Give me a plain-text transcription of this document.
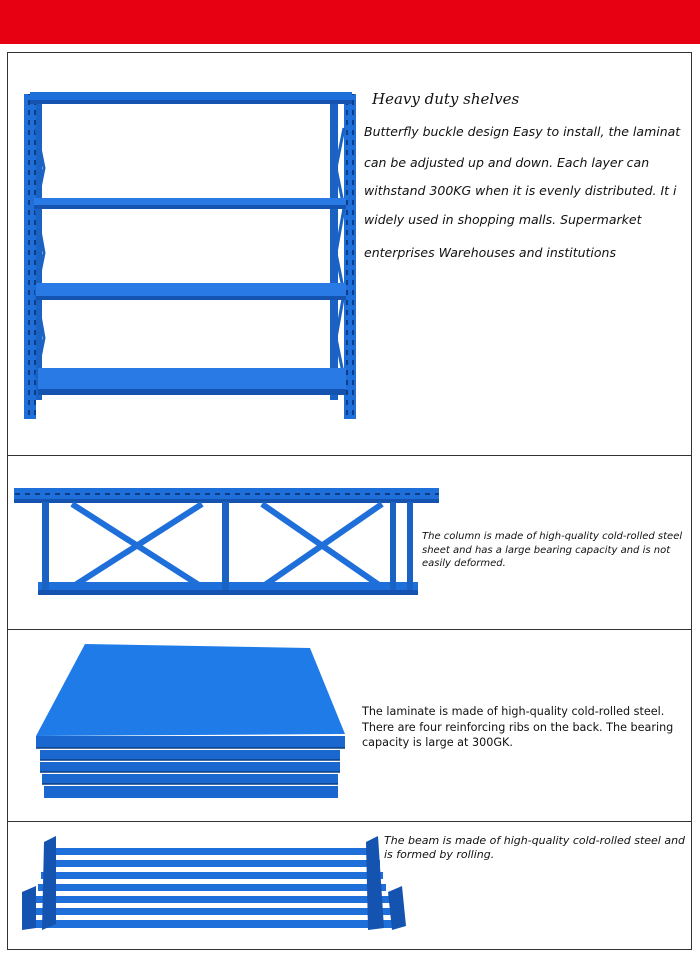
Heavy duty shelves
Butterfly buckle design Easy to install, the laminat
can be adjusted up and down. Each layer can
withstand 300KG when it is evenly distributed. It i
widely used in shopping malls. Supermarket
enterprises Warehouses and institutions
The column is made of high-quality cold-rolled steel sheet and has a large bearing capacity and is not easily deformed.
The laminate is made of high-quality cold-rolled steel. There are four reinforcing ribs on the back. The bearing capacity is large at 300GK.
The beam is made of high-quality cold-rolled steel and is formed by rolling.
